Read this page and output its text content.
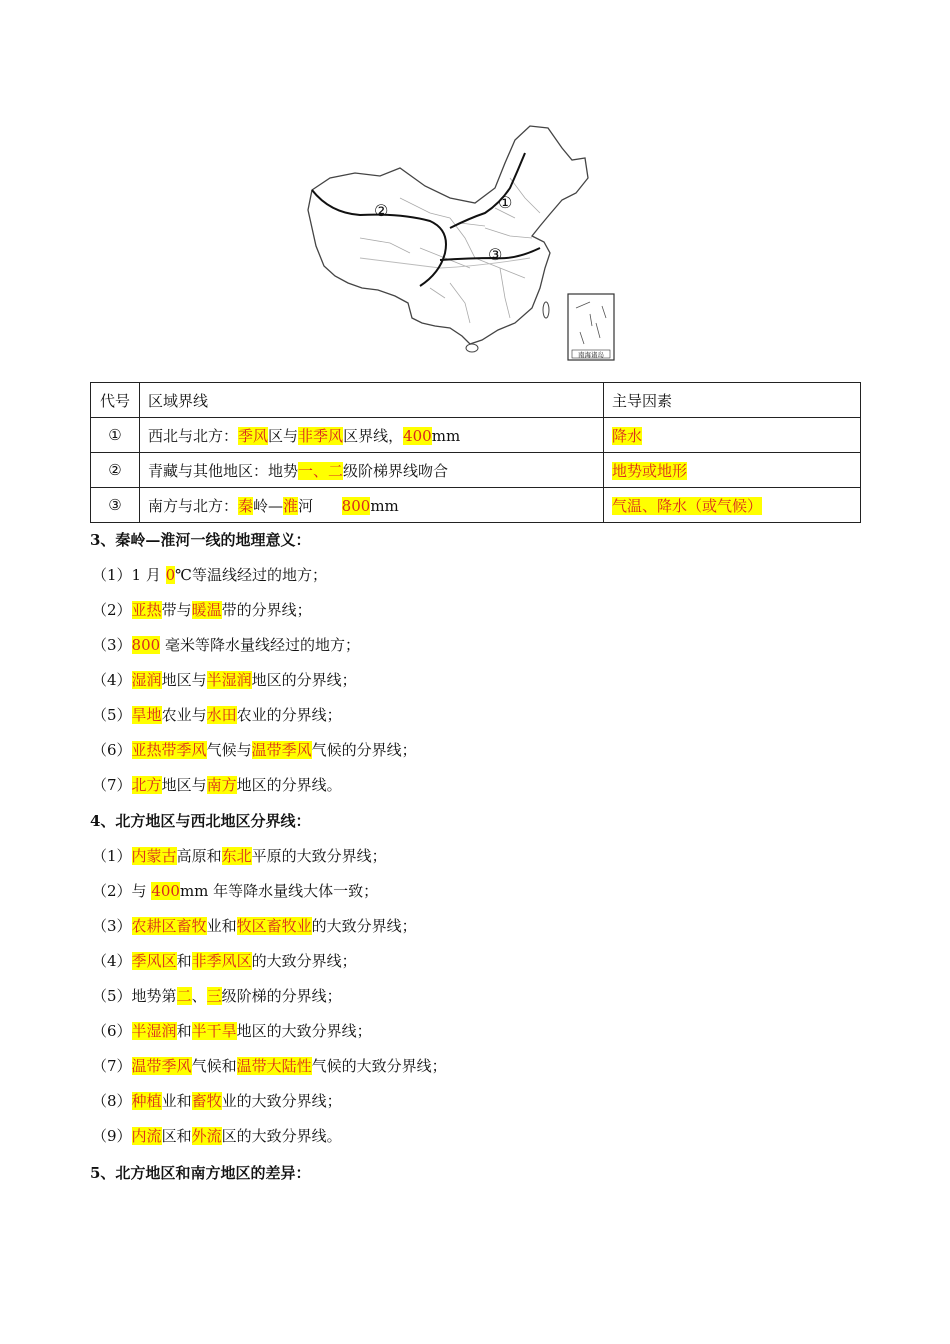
①
②
③
南海诸岛
代号	区域界线	主导因素
①	西北与北方：季风区与非季风区界线，400mm	降水
②	青藏与其他地区：地势一、二级阶梯界线吻合	地势或地形
③	南方与北方：秦岭—淮河      800mm	气温、降水（或气候）
3、秦岭—淮河一线的地理意义：
（1）1 月 0℃等温线经过的地方；
（2）亚热带与暖温带的分界线；
（3）800 毫米等降水量线经过的地方；
（4）湿润地区与半湿润地区的分界线；
（5）旱地农业与水田农业的分界线；
（6）亚热带季风气候与温带季风气候的分界线；
（7）北方地区与南方地区的分界线。
4、北方地区与西北地区分界线：
（1）内蒙古高原和东北平原的大致分界线；
（2）与 400mm 年等降水量线大体一致；
（3）农耕区畜牧业和牧区畜牧业的大致分界线；
（4）季风区和非季风区的大致分界线；
（5）地势第二、三级阶梯的分界线；
（6）半湿润和半干旱地区的大致分界线；
（7）温带季风气候和温带大陆性气候的大致分界线；
（8）种植业和畜牧业的大致分界线；
（9）内流区和外流区的大致分界线。
5、北方地区和南方地区的差异：
